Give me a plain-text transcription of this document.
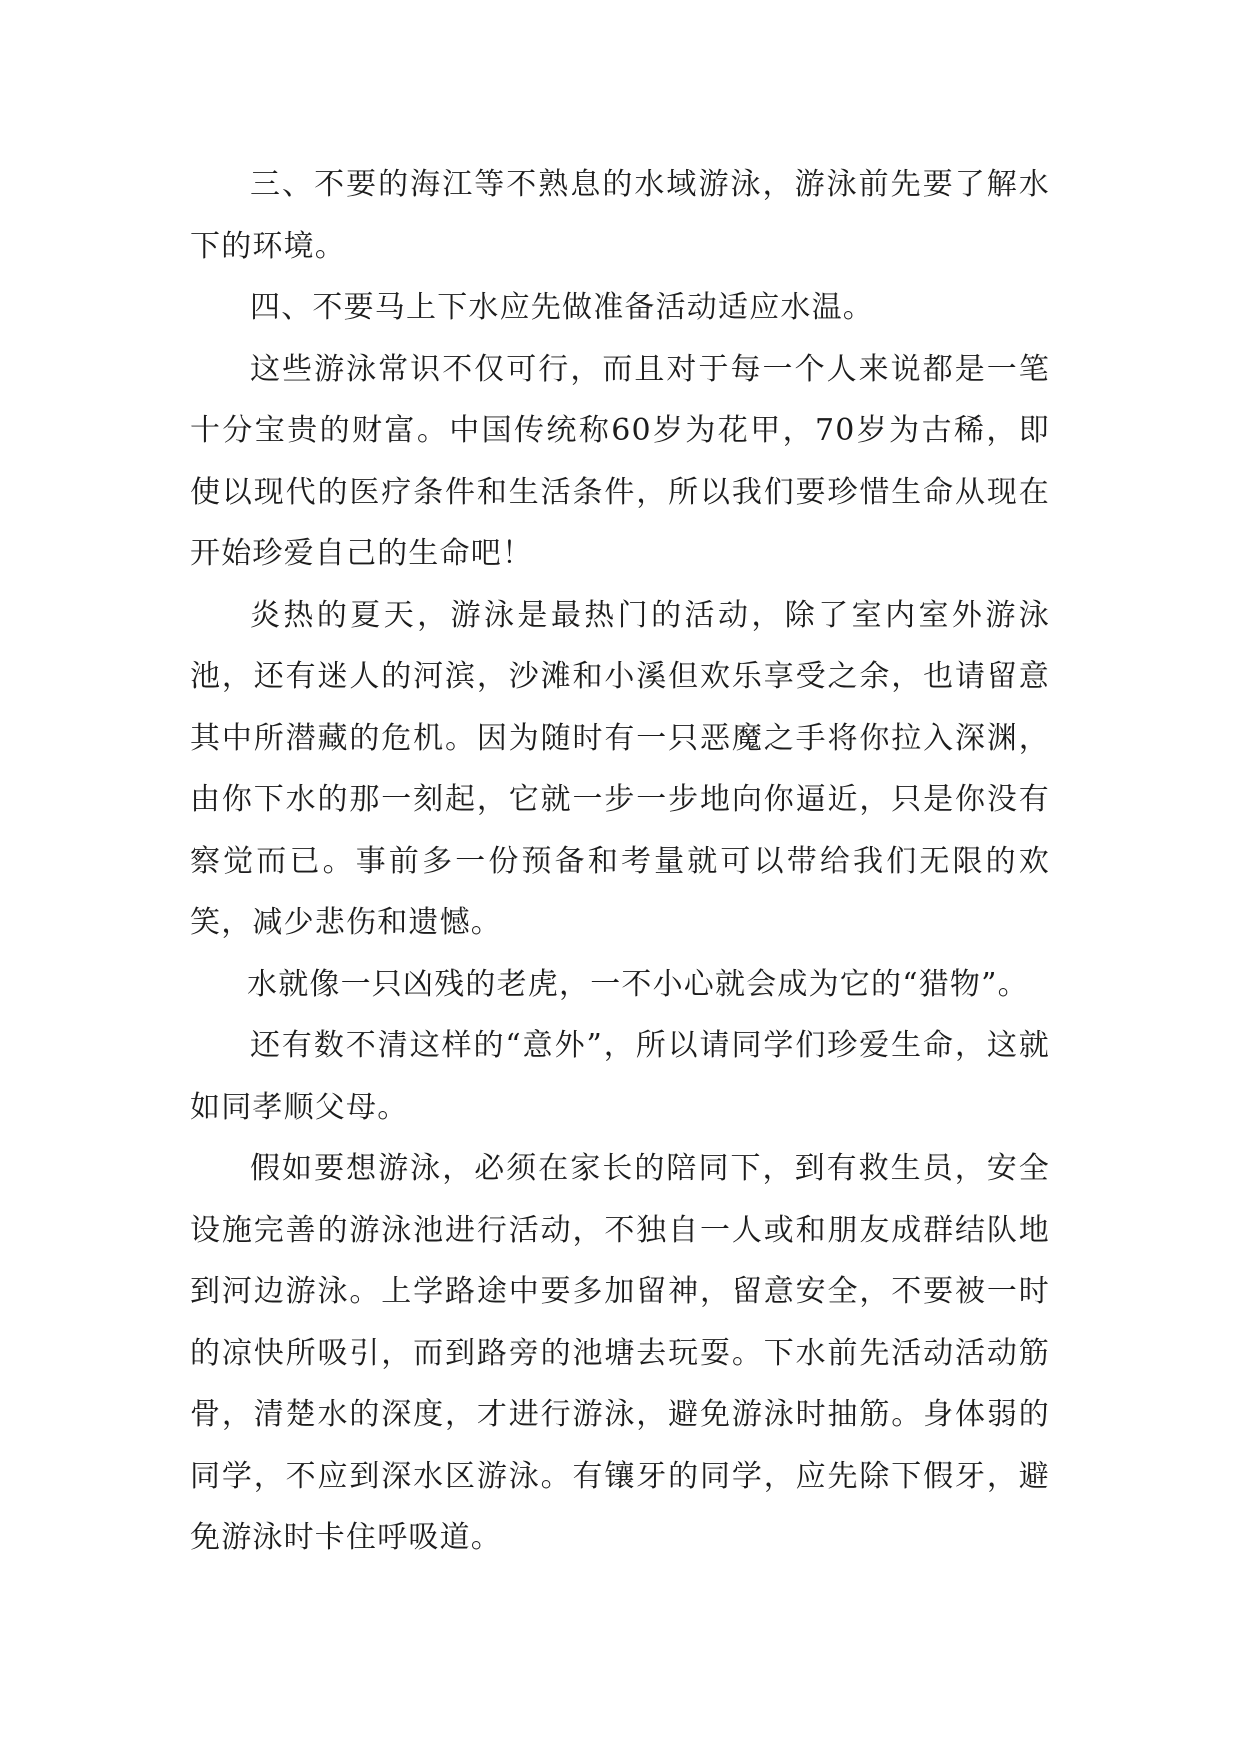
三、不要的海江等不熟息的水域游泳，游泳前先要了解水下的环境。

四、不要马上下水应先做准备活动适应水温。

这些游泳常识不仅可行，而且对于每一个人来说都是一笔十分宝贵的财富。中国传统称60岁为花甲，70岁为古稀，即使以现代的医疗条件和生活条件，所以我们要珍惜生命从现在开始珍爱自己的生命吧！

炎热的夏天，游泳是最热门的活动，除了室内室外游泳池，还有迷人的河滨，沙滩和小溪但欢乐享受之余，也请留意其中所潜藏的危机。因为随时有一只恶魔之手将你拉入深渊，由你下水的那一刻起，它就一步一步地向你逼近，只是你没有察觉而已。事前多一份预备和考量就可以带给我们无限的欢笑，减少悲伤和遗憾。

水就像一只凶残的老虎，一不小心就会成为它的“猎物”。

还有数不清这样的“意外”，所以请同学们珍爱生命，这就如同孝顺父母。

假如要想游泳，必须在家长的陪同下，到有救生员，安全设施完善的游泳池进行活动，不独自一人或和朋友成群结队地到河边游泳。上学路途中要多加留神，留意安全，不要被一时的凉快所吸引，而到路旁的池塘去玩耍。下水前先活动活动筋骨，清楚水的深度，才进行游泳，避免游泳时抽筋。身体弱的同学，不应到深水区游泳。有镶牙的同学，应先除下假牙，避免游泳时卡住呼吸道。
